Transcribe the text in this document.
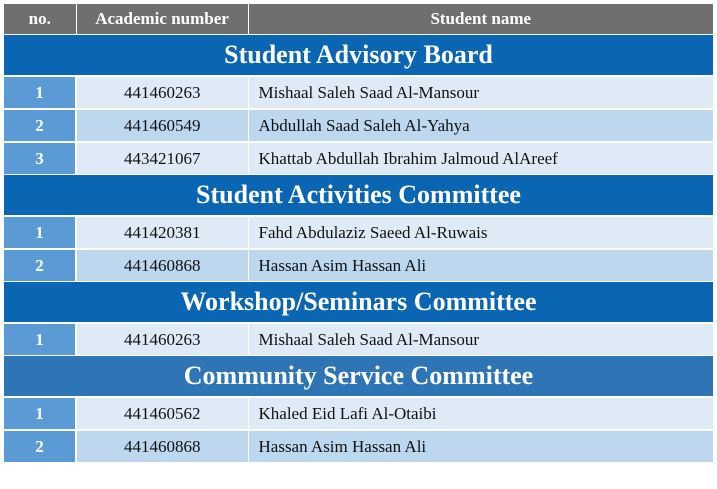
no.	Academic number	Student name
Student Advisory Board		
1	441460263	Mishaal Saleh Saad Al-Mansour
2	441460549	Abdullah Saad Saleh Al-Yahya
3	443421067	Khattab Abdullah Ibrahim Jalmoud AlAreef
Student Activities Committee		
1	441420381	Fahd Abdulaziz Saeed Al-Ruwais
2	441460868	Hassan Asim Hassan Ali
Workshop/Seminars Committee		
1	441460263	Mishaal Saleh Saad Al-Mansour
Community Service Committee		
1	441460562	Khaled Eid Lafi Al-Otaibi
2	441460868	Hassan Asim Hassan Ali
